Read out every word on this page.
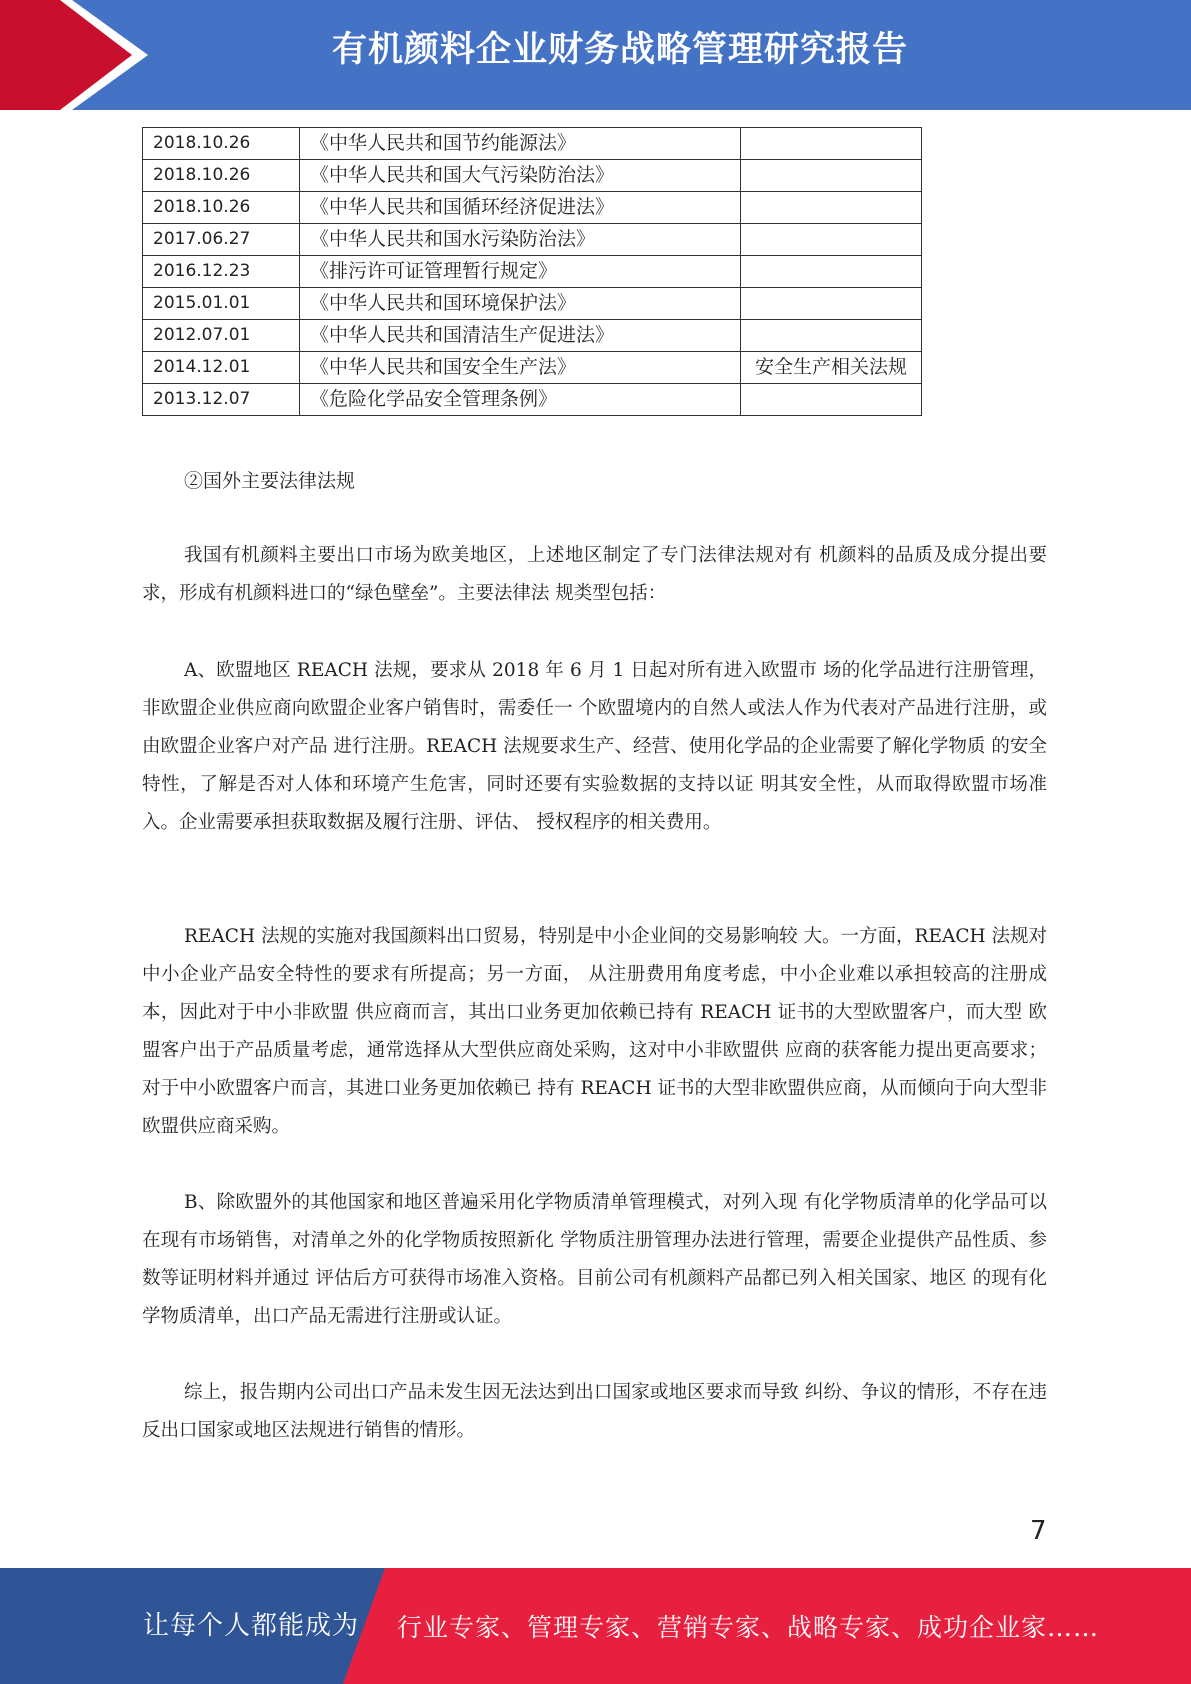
有机颜料企业财务战略管理研究报告
2018.10.26	《中华人民共和国节约能源法》	
2018.10.26	《中华人民共和国大气污染防治法》	
2018.10.26	《中华人民共和国循环经济促进法》	
2017.06.27	《中华人民共和国水污染防治法》	
2016.12.23	《排污许可证管理暂行规定》	
2015.01.01	《中华人民共和国环境保护法》	
2012.07.01	《中华人民共和国清洁生产促进法》	
2014.12.01	《中华人民共和国安全生产法》	安全生产相关法规
2013.12.07	《危险化学品安全管理条例》	
②国外主要法律法规

我国有机颜料主要出口市场为欧美地区，上述地区制定了专门法律法规对有 机颜料的品质及成分提出要求，形成有机颜料进口的“绿色壁垒”。主要法律法 规类型包括：

A、欧盟地区 REACH 法规，要求从 2018 年 6 月 1 日起对所有进入欧盟市 场的化学品进行注册管理，非欧盟企业供应商向欧盟企业客户销售时，需委任一 个欧盟境内的自然人或法人作为代表对产品进行注册，或由欧盟企业客户对产品 进行注册。REACH 法规要求生产、经营、使用化学品的企业需要了解化学物质 的安全特性，了解是否对人体和环境产生危害，同时还要有实验数据的支持以证 明其安全性，从而取得欧盟市场准入。企业需要承担获取数据及履行注册、评估、 授权程序的相关费用。

REACH 法规的实施对我国颜料出口贸易，特别是中小企业间的交易影响较 大。一方面，REACH 法规对中小企业产品安全特性的要求有所提高；另一方面， 从注册费用角度考虑，中小企业难以承担较高的注册成本，因此对于中小非欧盟 供应商而言，其出口业务更加依赖已持有 REACH 证书的大型欧盟客户，而大型 欧盟客户出于产品质量考虑，通常选择从大型供应商处采购，这对中小非欧盟供 应商的获客能力提出更高要求；对于中小欧盟客户而言，其进口业务更加依赖已 持有 REACH 证书的大型非欧盟供应商，从而倾向于向大型非欧盟供应商采购。

B、除欧盟外的其他国家和地区普遍采用化学物质清单管理模式，对列入现 有化学物质清单的化学品可以在现有市场销售，对清单之外的化学物质按照新化 学物质注册管理办法进行管理，需要企业提供产品性质、参数等证明材料并通过 评估后方可获得市场准入资格。目前公司有机颜料产品都已列入相关国家、地区 的现有化学物质清单，出口产品无需进行注册或认证。

综上，报告期内公司出口产品未发生因无法达到出口国家或地区要求而导致 纠纷、争议的情形，不存在违反出口国家或地区法规进行销售的情形。

7
让每个人都能成为 行业专家、管理专家、营销专家、战略专家、成功企业家……
